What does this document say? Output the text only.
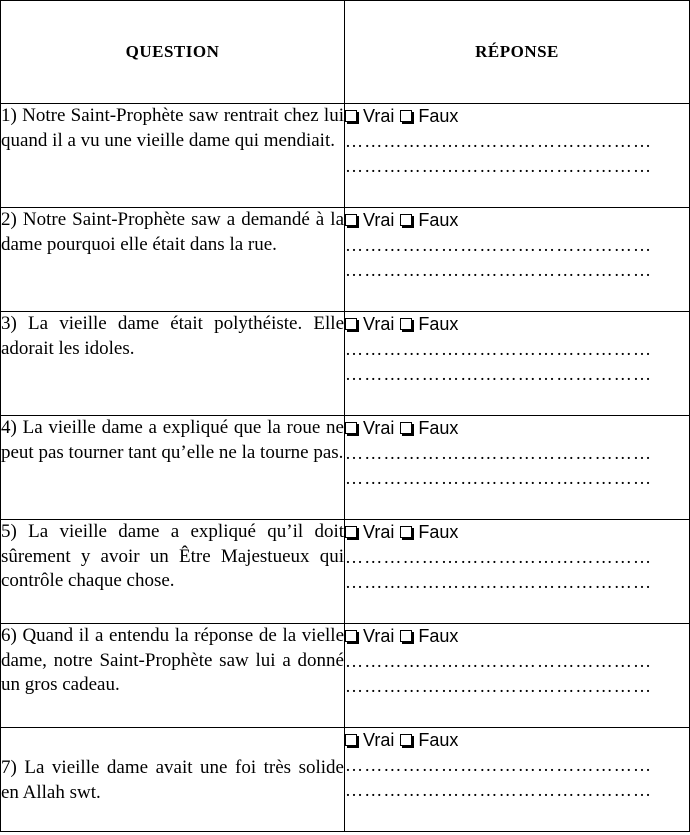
QUESTION	RÉPONSE
1) Notre Saint-Prophète saw rentrait chez lui quand il a vu une vieille dame qui mendiait.	Vrai Faux
…………………………………………
…………………………………………

2) Notre Saint-Prophète saw a demandé à la dame pourquoi elle était dans la rue.	Vrai Faux
…………………………………………
…………………………………………

3) La vieille dame était polythéiste. Elle adorait les idoles.	Vrai Faux
…………………………………………
…………………………………………

4) La vieille dame a expliqué que la roue ne peut pas tourner tant qu’elle ne la tourne pas.	Vrai Faux
…………………………………………
…………………………………………

5) La vieille dame a expliqué qu’il doit sûrement y avoir un Être Majestueux qui contrôle chaque chose.	Vrai Faux
…………………………………………
…………………………………………

6) Quand il a entendu la réponse de la vielle dame, notre Saint-Prophète saw lui a donné un gros cadeau.	Vrai Faux
…………………………………………
…………………………………………

7) La vieille dame avait une foi très solide en Allah swt.	Vrai Faux
…………………………………………
…………………………………………
